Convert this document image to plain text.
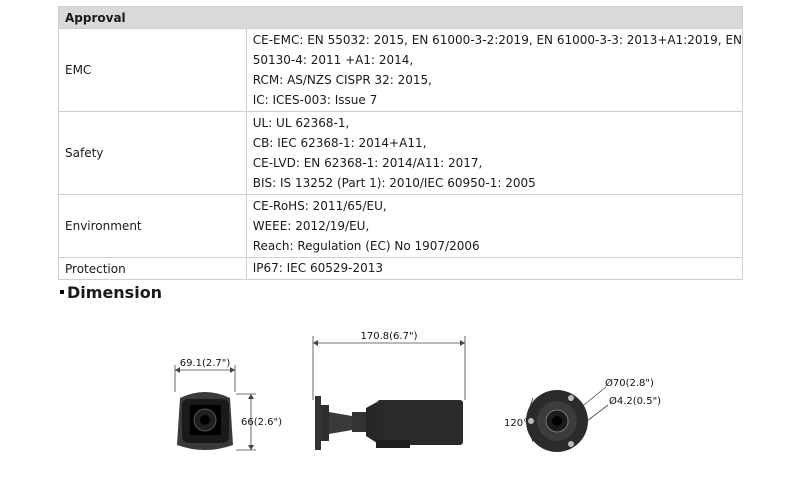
Approval	
EMC	CE-EMC: EN 55032: 2015, EN 61000-3-2:2019, EN 61000-3-3: 2013+A1:2019, EN
50130-4: 2011 +A1: 2014,
RCM: AS/NZS CISPR 32: 2015,
IC: ICES-003: Issue 7

Safety	UL: UL 62368-1,
CB: IEC 62368-1: 2014+A11,
CE-LVD: EN 62368-1: 2014/A11: 2017,
BIS: IS 13252 (Part 1): 2010/IEC 60950-1: 2005

Environment	CE-RoHS: 2011/65/EU,
WEEE: 2012/19/EU,
Reach: Regulation (EC) No 1907/2006

Protection	IP67: IEC 60529-2013
Dimension
69.1(2.7")
66(2.6")
170.8(6.7")
Ø70(2.8")
Ø4.2(0.5")
120°
